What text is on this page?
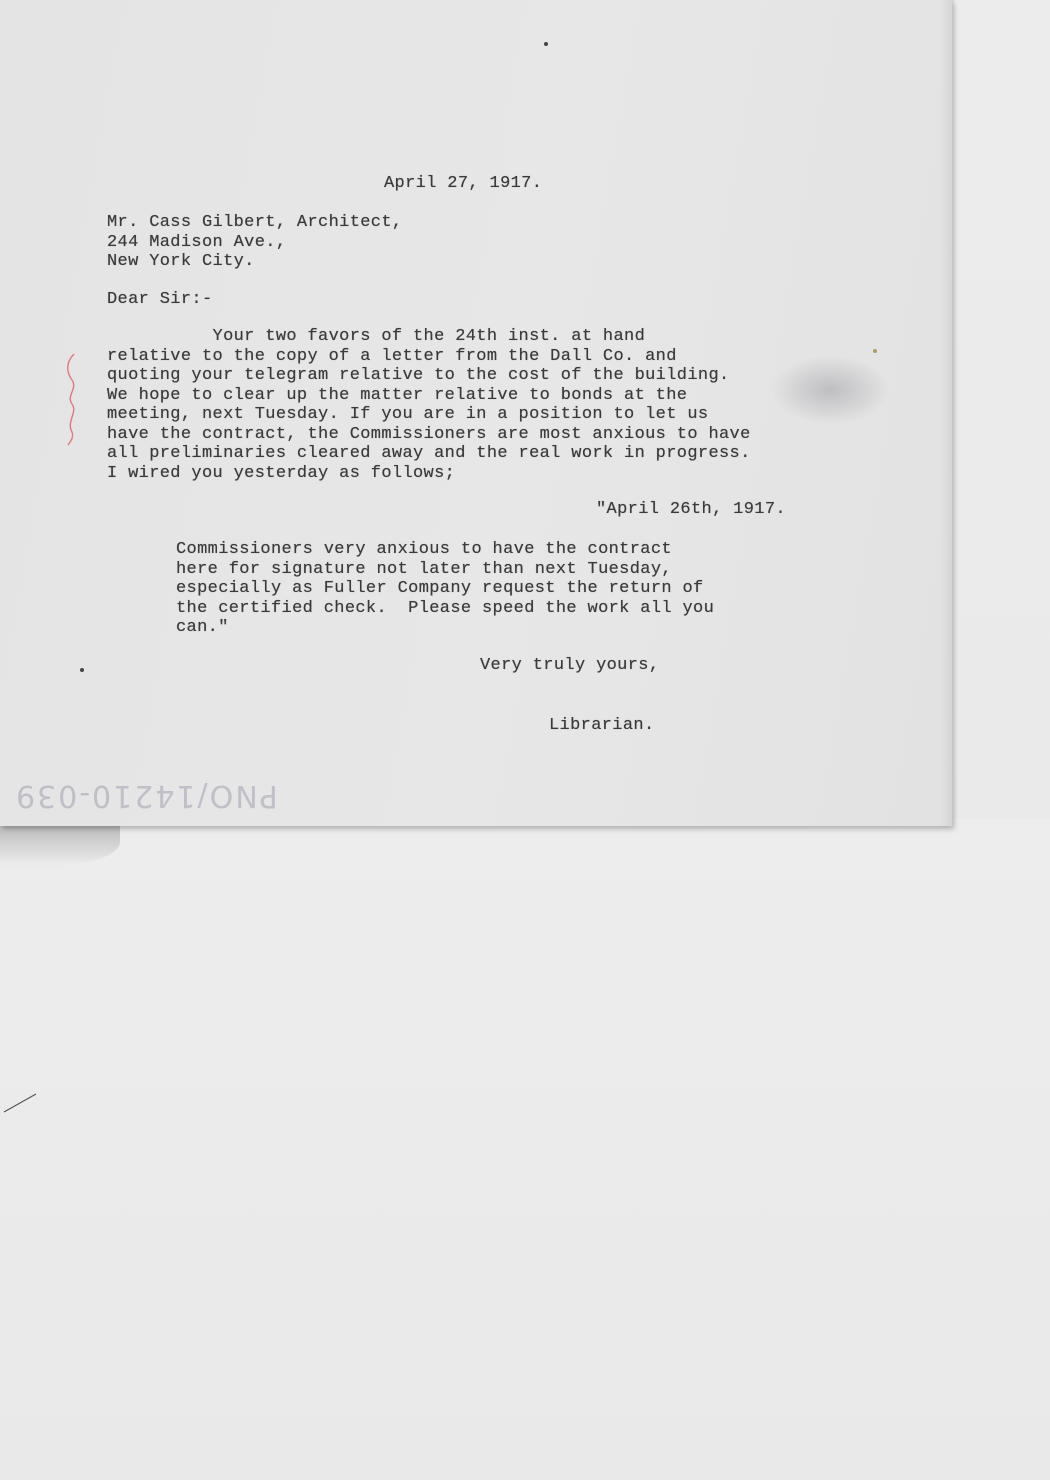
April 27, 1917.

Mr. Cass Gilbert, Architect,
244 Madison Ave.,
New York City.

Dear Sir:-

Your two favors of the 24th inst. at hand
relative to the copy of a letter from the Dall Co. and
quoting your telegram relative to the cost of the building.
We hope to clear up the matter relative to bonds at the
meeting, next Tuesday. If you are in a position to let us
have the contract, the Commissioners are most anxious to have
all preliminaries cleared away and the real work in progress.
I wired you yesterday as follows;

"April 26th, 1917.

Commissioners very anxious to have the contract
here for signature not later than next Tuesday,
especially as Fuller Company request the return of
the certified check.  Please speed the work all you
can."

Very truly yours,

Librarian.

PNO/14210-039
